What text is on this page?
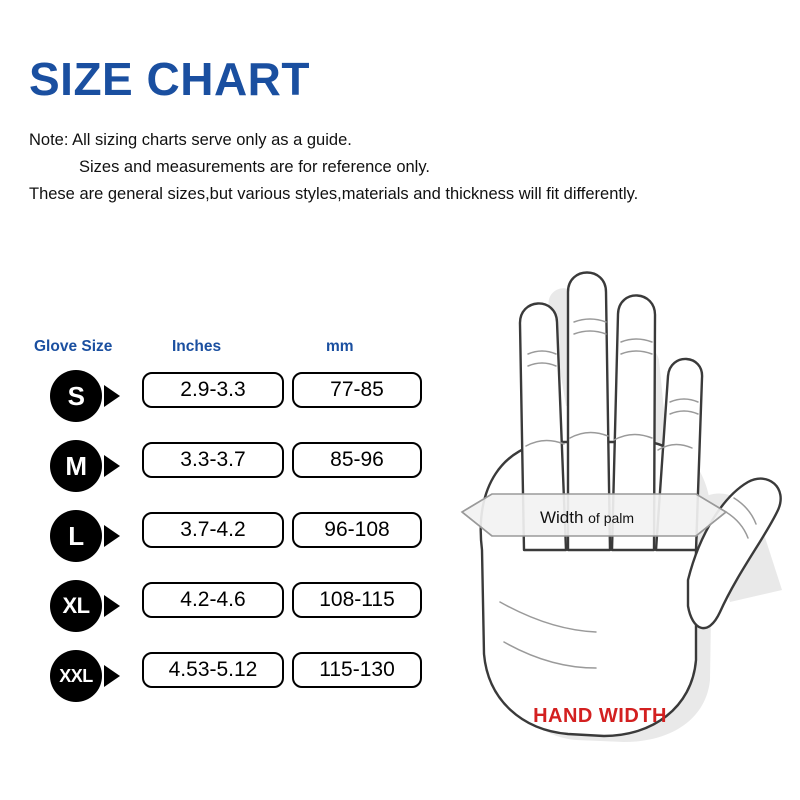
SIZE CHART
Note: All sizing charts serve only as a guide.
Sizes and measurements are for reference only.
These are general sizes,but various styles,materials and thickness will fit differently.
Glove Size	Inches	mm
S	2.9-3.3	77-85
M	3.3-3.7	85-96
L	3.7-4.2	96-108
XL	4.2-4.6	108-115
XXL	4.53-5.12	115-130
Width of palm
HAND WIDTH
